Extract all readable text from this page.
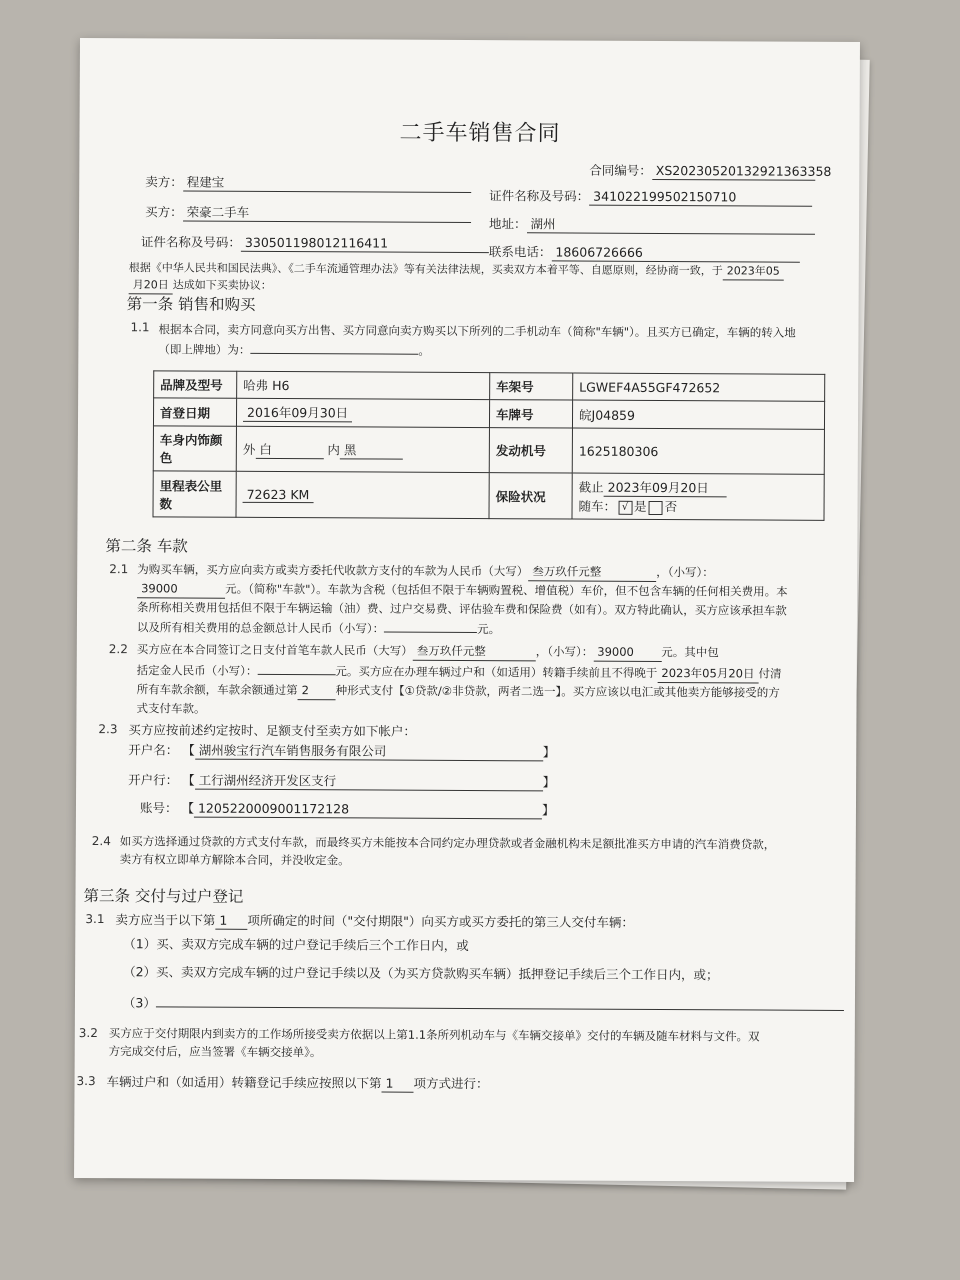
二手车销售合同
合同编号： XS20230520132921363358
卖方： 程建宝
证件名称及号码： 341022199502150710
买方： 荣豪二手车
地址： 湖州
证件名称及号码： 330501198012116411
联系电话： 18606726666
根据《中华人民共和国民法典》、《二手车流通管理办法》等有关法律法规，买卖双方本着平等、自愿原则，经协商一致，于 2023年05
月20日 达成如下买卖协议：
第一条 销售和购买
1.1 根据本合同，卖方同意向买方出售、买方同意向卖方购买以下所列的二手机动车（简称"车辆"）。且买方已确定，车辆的转入地
（即上牌地）为：	。
品牌及型号	哈弗 H6	车架号	LGWEF4A55GF472652
首登日期	2016年09月30日	车牌号	皖J04859
车身内饰颜色	外 白 内 黑	发动机号	1625180306
里程表公里数	72623 KM	保险状况	截止 2023年09月20日
随车： √ 是 否
第二条 车款
2.1 为购买车辆，买方应向卖方或卖方委托代收款方支付的车款为人民币（大写） 叁万玖仟元整	，（小写）：
39000	元。（简称"车款"）。车款为含税（包括但不限于车辆购置税、增值税）车价，但不包含车辆的任何相关费用。本
条所称相关费用包括但不限于车辆运输（油）费、过户交易费、评估验车费和保险费（如有）。双方特此确认，买方应该承担车款
以及所有相关费用的总金额总计人民币（小写）：	元。
2.2 买方应在本合同签订之日支付首笔车款人民币（大写） 叁万玖仟元整	，（小写）： 39000 元。其中包
括定金人民币（小写）：	元。买方应在办理车辆过户和（如适用）转籍手续前且不得晚于 2023年05月20日 付清
所有车款余额，车款余额通过第 2 种形式支付【①贷款/②非贷款，两者二选一】。买方应该以电汇或其他卖方能够接受的方
式支付车款。
2.3 买方应按前述约定按时、足额支付至卖方如下帐户：
开户名： 【 湖州骏宝行汽车销售服务有限公司	】
开户行： 【 工行湖州经济开发区支行	】
账号： 【 1205220009001172128	】
2.4 如买方选择通过贷款的方式支付车款，而最终买方未能按本合同约定办理贷款或者金融机构未足额批准买方申请的汽车消费贷款，
卖方有权立即单方解除本合同，并没收定金。
第三条 交付与过户登记
3.1 卖方应当于以下第 1 项所确定的时间（"交付期限"）向买方或买方委托的第三人交付车辆：
（1）买、卖双方完成车辆的过户登记手续后三个工作日内，或
（2）买、卖双方完成车辆的过户登记手续以及（为买方贷款购买车辆）抵押登记手续后三个工作日内，或；
（3）
3.2 买方应于交付期限内到卖方的工作场所接受卖方依据以上第1.1条所列机动车与《车辆交接单》交付的车辆及随车材料与文件。双
方完成交付后，应当签署《车辆交接单》。
3.3 车辆过户和（如适用）转籍登记手续应按照以下第 1 项方式进行：
